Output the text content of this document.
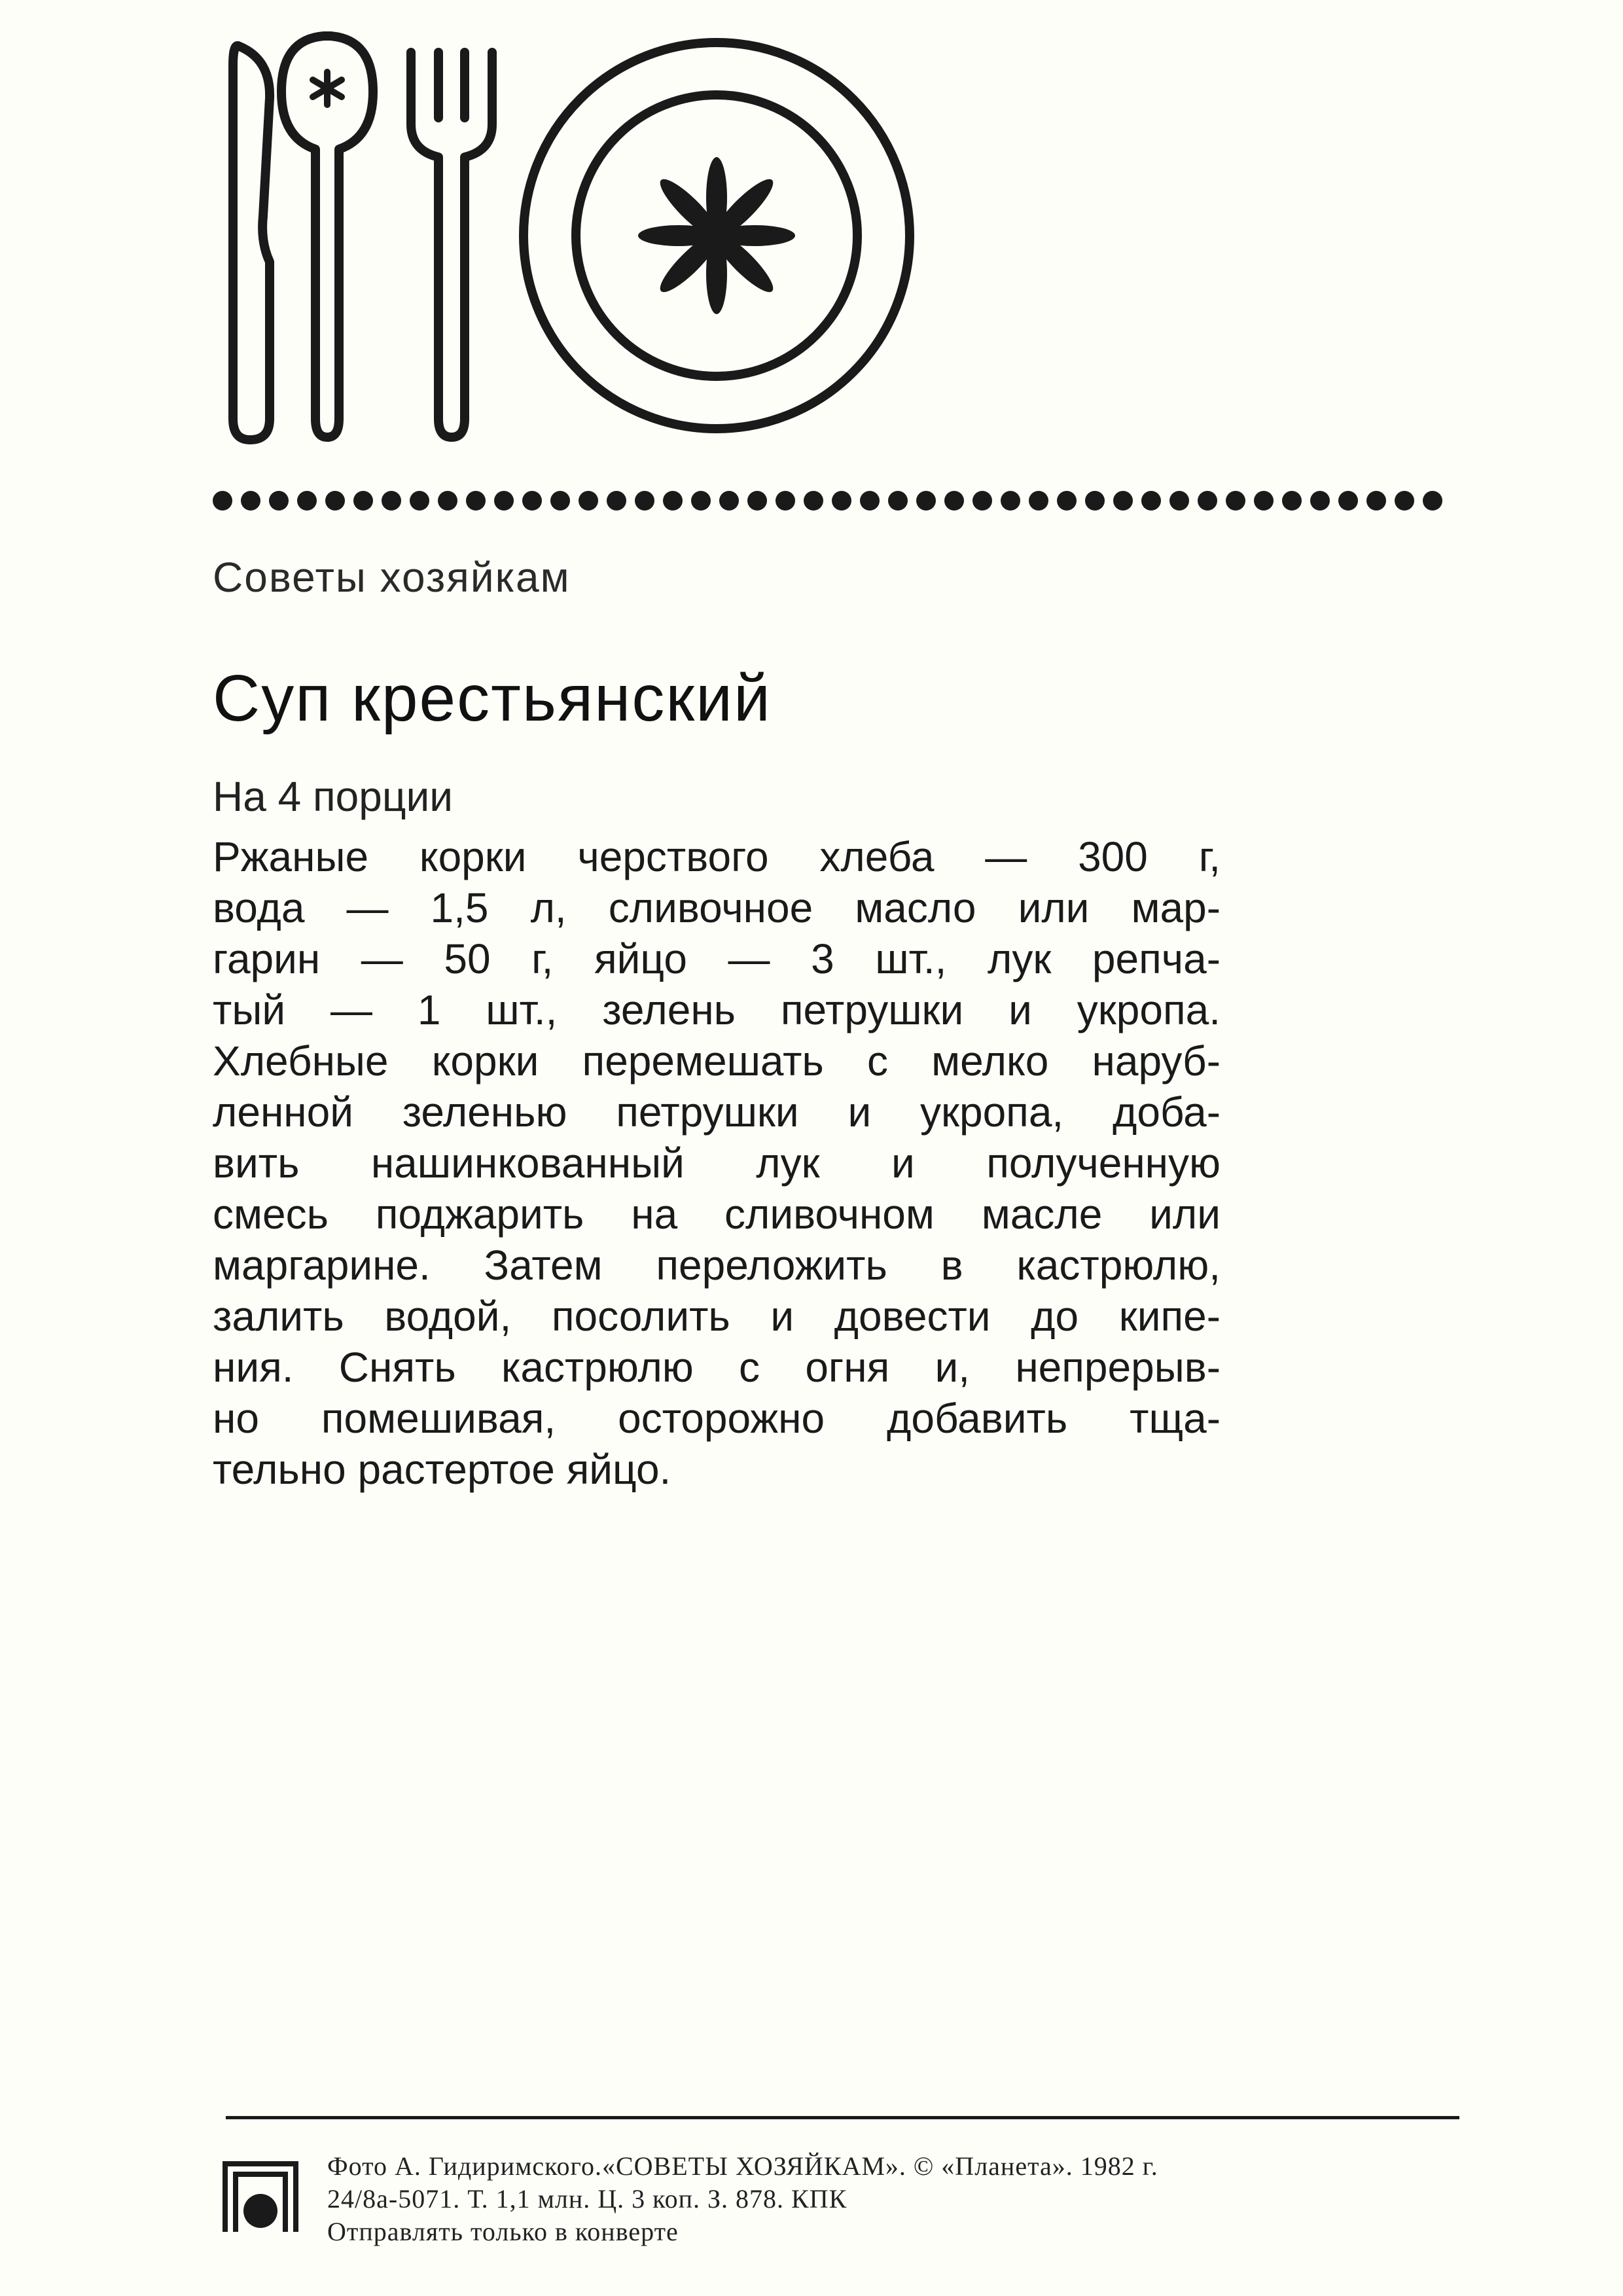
Советы хозяйкам
Суп крестьянский
На 4 порции
Ржаные корки черствого хлеба — 300 г,
вода — 1,5 л, сливочное масло или мар-
гарин — 50 г, яйцо — 3 шт., лук репча-
тый — 1 шт., зелень петрушки и укропа.
Хлебные корки перемешать с мелко наруб-
ленной зеленью петрушки и укропа, доба-
вить нашинкованный лук и полученную
смесь поджарить на сливочном масле или
маргарине. Затем переложить в кастрюлю,
залить водой, посолить и довести до кипе-
ния. Снять кастрюлю с огня и, непрерыв-
но помешивая, осторожно добавить тща-
тельно растертое яйцо.
Фото А. Гидиримского.«СОВЕТЫ ХОЗЯЙКАМ». © «Планета». 1982 г.
24/8а-5071. Т. 1,1 млн. Ц. 3 коп. З. 878. КПК
Отправлять только в конверте
